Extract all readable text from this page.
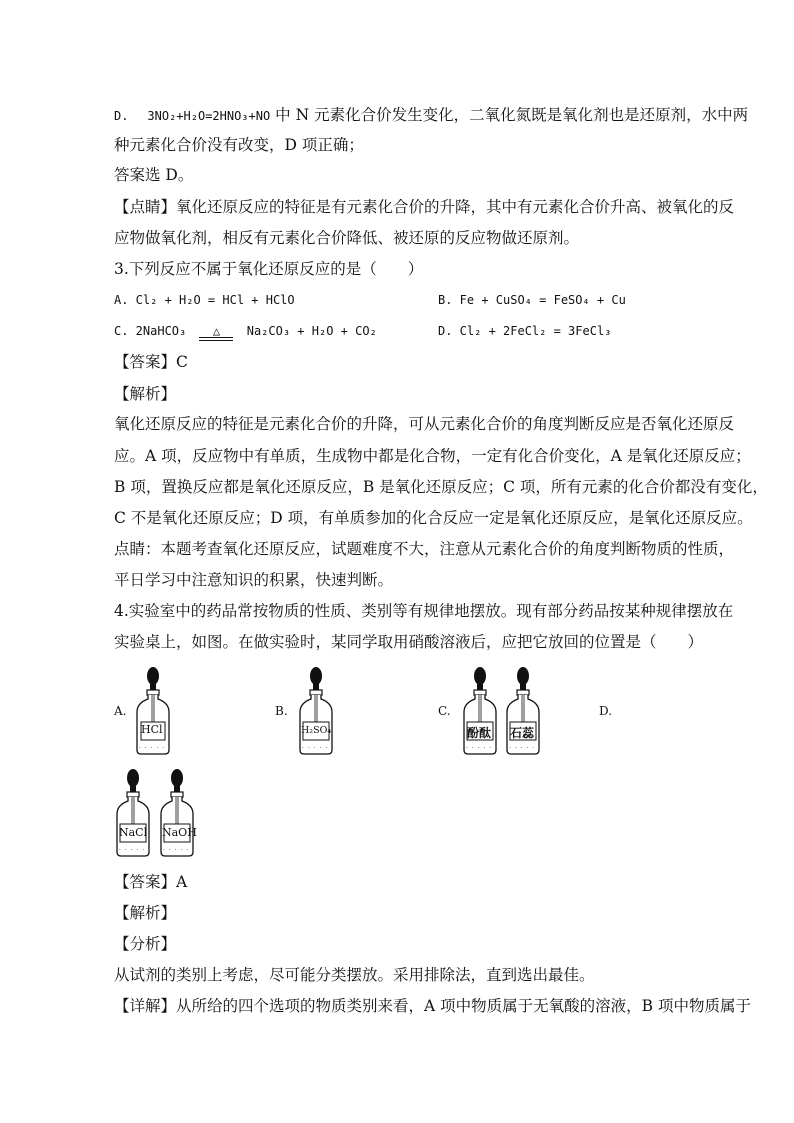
D. 3NO₂+H₂O=2HNO₃+NO 中 N 元素化合价发生变化，二氧化氮既是氧化剂也是还原剂，水中两
种元素化合价没有改变，D 项正确；
答案选 D。
【点睛】氧化还原反应的特征是有元素化合价的升降，其中有元素化合价升高、被氧化的反
应物做氧化剂，相反有元素化合价降低、被还原的反应物做还原剂。
3.下列反应不属于氧化还原反应的是（　　）
A. Cl₂ + H₂O = HCl + HClO	B. Fe + CuSO₄ = FeSO₄ + Cu
C. 2NaHCO₃ △ Na₂CO₃ + H₂O + CO₂	D. Cl₂ + 2FeCl₂ = 3FeCl₃
【答案】C
【解析】
氧化还原反应的特征是元素化合价的升降，可从元素化合价的角度判断反应是否氧化还原反
应。A 项，反应物中有单质，生成物中都是化合物，一定有化合价变化，A 是氧化还原反应；
B 项，置换反应都是氧化还原反应，B 是氧化还原反应；C 项，所有元素的化合价都没有变化，
C 不是氧化还原反应；D 项，有单质参加的化合反应一定是氧化还原反应，是氧化还原反应。
点睛：本题考查氧化还原反应，试题难度不大，注意从元素化合价的角度判断物质的性质，
平日学习中注意知识的积累，快速判断。
4.实验室中的药品常按物质的性质、类别等有规律地摆放。现有部分药品按某种规律摆放在
实验桌上，如图。在做实验时，某同学取用硝酸溶液后，应把它放回的位置是（　　）
A.	B.	C.	D.
· · · · · ·
HCl
· · · · · ·
H₂SO₄
· · · · · ·
酚酞
· · · · · ·
石蕊
· · · · · ·
NaCl
· · · · · ·
NaOH
【答案】A
【解析】
【分析】
从试剂的类别上考虑，尽可能分类摆放。采用排除法，直到选出最佳。
【详解】从所给的四个选项的物质类别来看，A 项中物质属于无氧酸的溶液，B 项中物质属于
